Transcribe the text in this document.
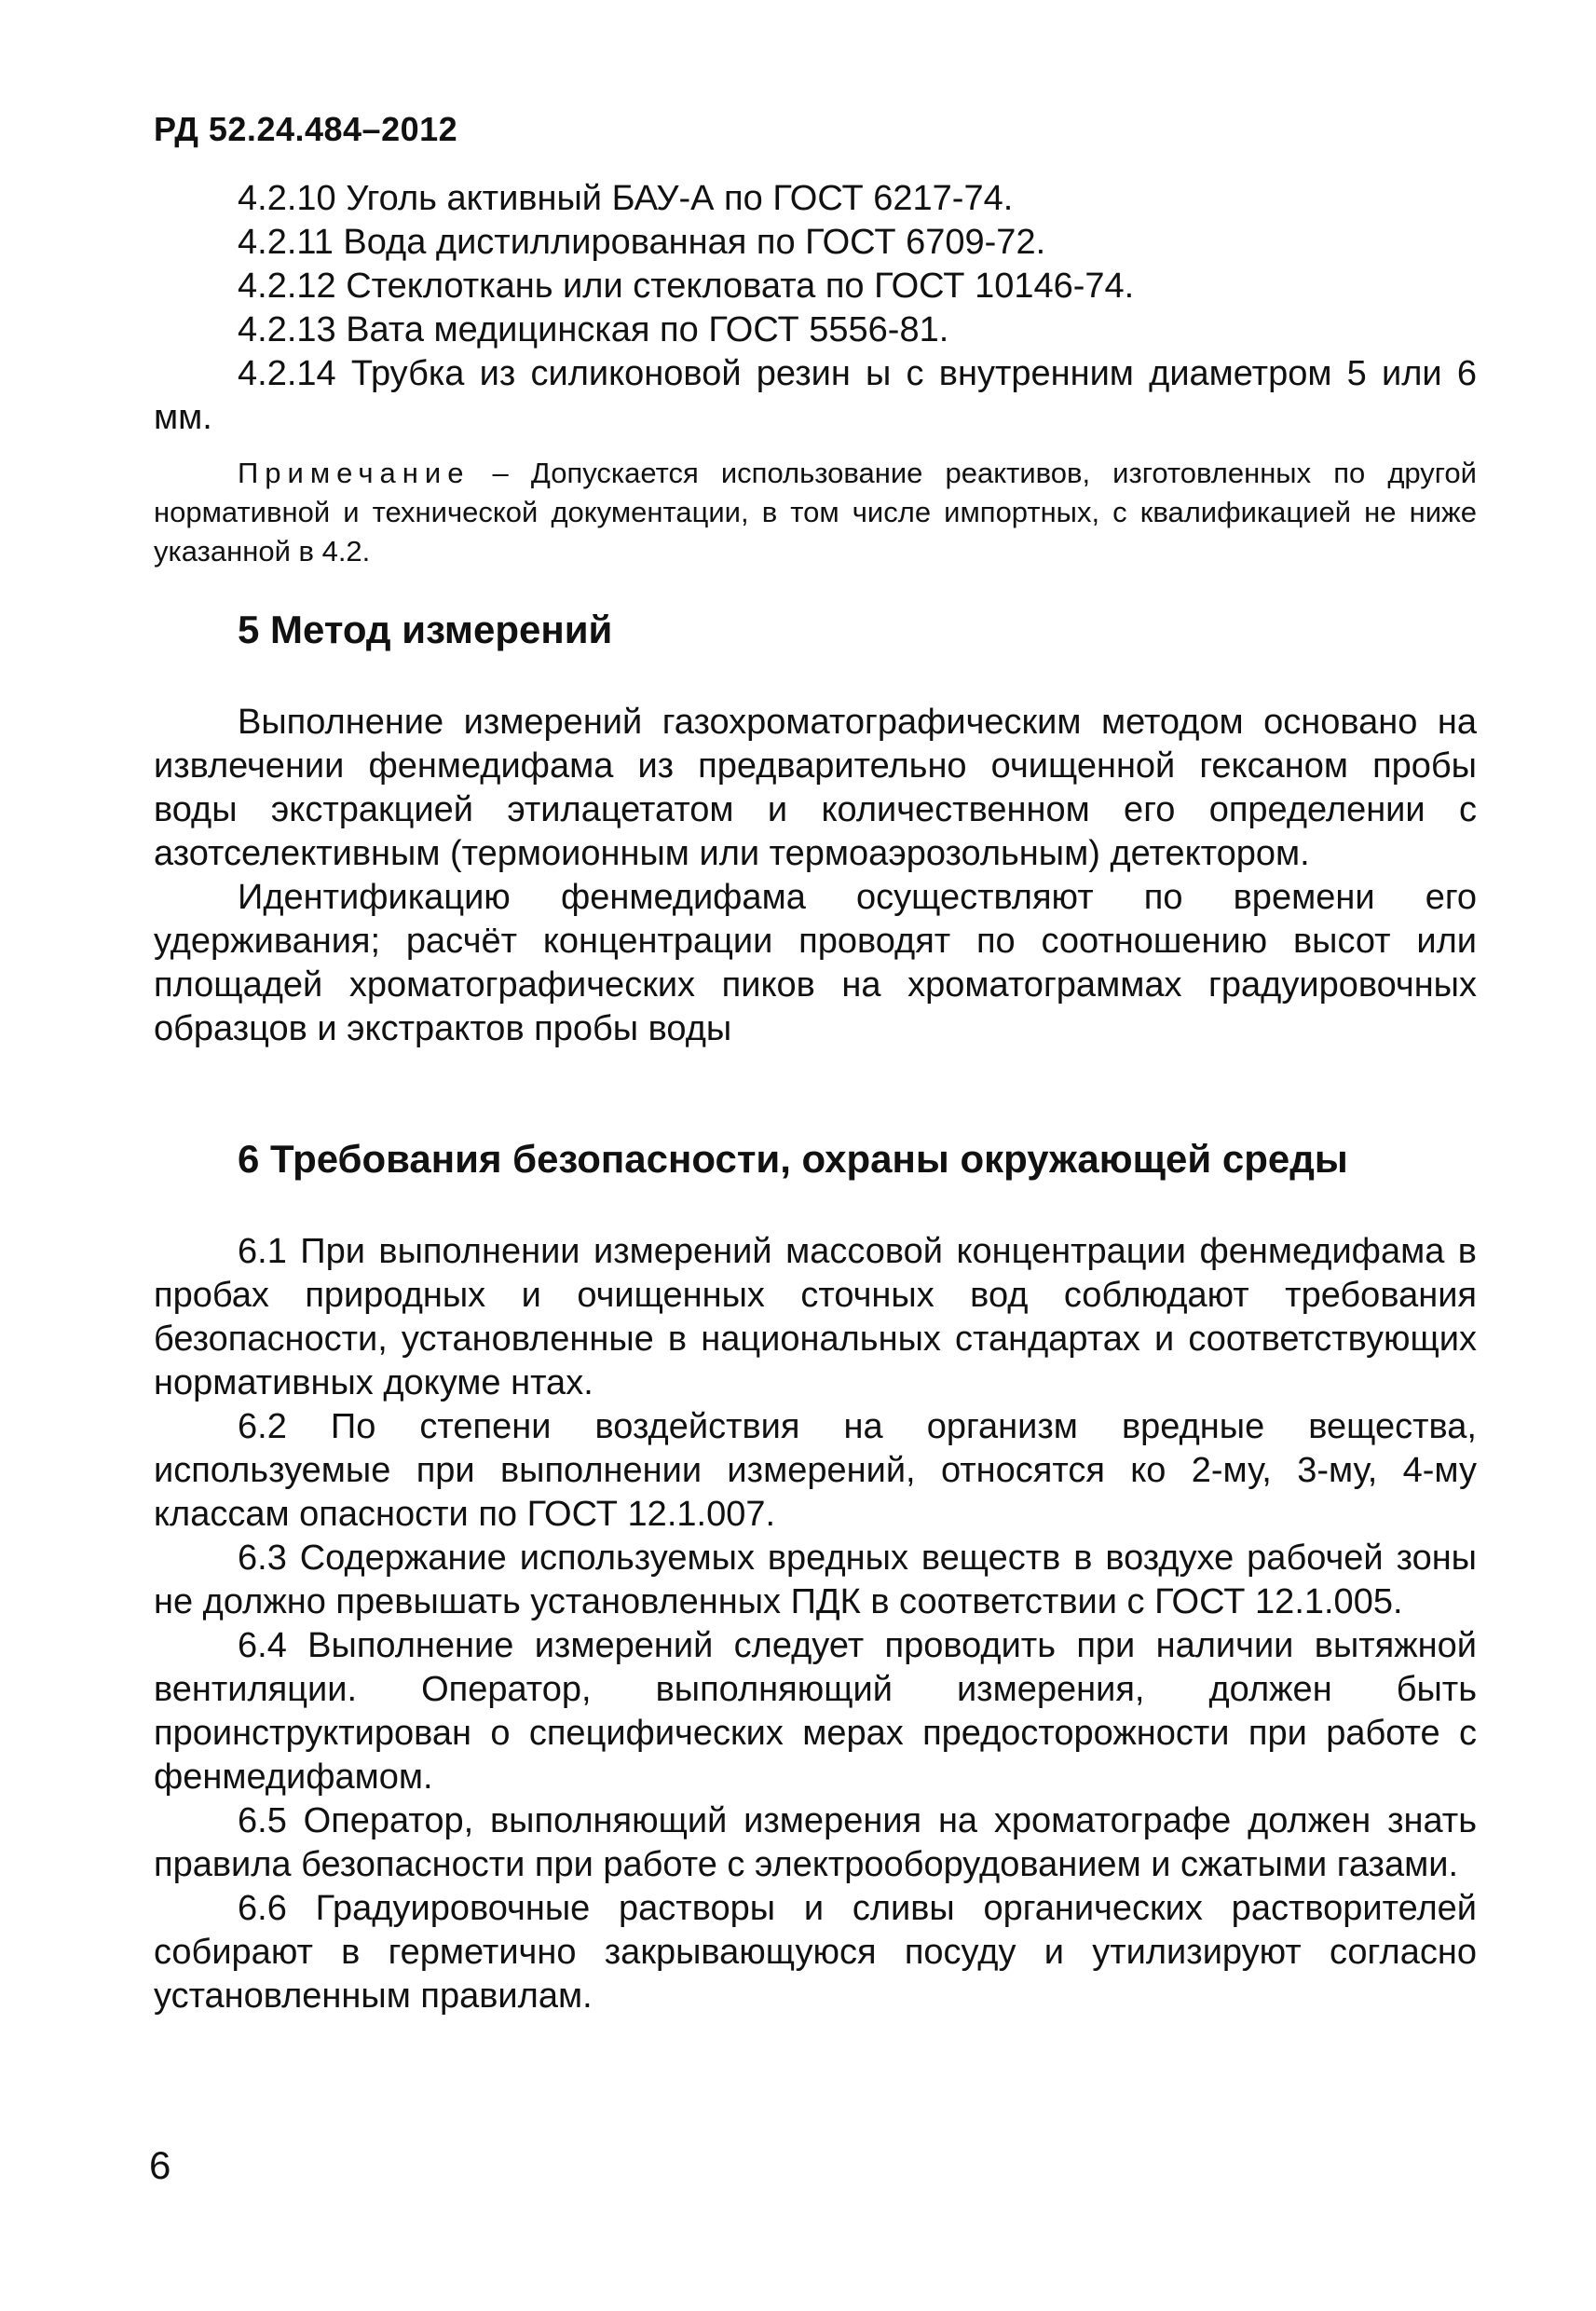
РД 52.24.484–2012

4.2.10 Уголь активный БАУ-А по ГОСТ 6217-74.

4.2.11 Вода дистиллированная по ГОСТ 6709-72.

4.2.12 Стеклоткань или стекловата по ГОСТ 10146-74.

4.2.13 Вата медицинская по ГОСТ 5556-81.

4.2.14 Трубка из силиконовой резин ы с внутренним диаметром 5 или 6 мм.

Примечание – Допускается использование реактивов, изготовленных по другой нормативной и технической документации, в том числе импортных, с квалификацией не ниже указанной в 4.2.

5 Метод измерений

Выполнение измерений газохроматографическим методом основано на извлечении фенмедифама из предварительно очищенной гексаном пробы воды экстракцией этилацетатом и количественном его определении с азотселективным (термоионным или термоаэрозольным) детектором.

Идентификацию фенмедифама осуществляют по времени его удерживания; расчёт концентрации проводят по соотношению высот или площадей хроматографических пиков на хроматограммах градуировочных образцов и экстрактов пробы воды

6 Требования безопасности, охраны окружающей среды

6.1 При выполнении измерений массовой концентрации фенмедифама в пробах природных и очищенных сточных вод соблюдают требования безопасности, установленные в национальных стандартах и соответствующих нормативных докуме нтах.

6.2 По степени воздействия на организм вредные вещества, используемые при выполнении измерений, относятся ко 2-му, 3-му, 4-му классам опасности по ГОСТ 12.1.007.

6.3 Содержание используемых вредных веществ в воздухе рабочей зоны не должно превышать установленных ПДК в соответствии с ГОСТ 12.1.005.

6.4 Выполнение измерений следует проводить при наличии вытяжной вентиляции. Оператор, выполняющий измерения, должен быть проинструктирован о специфических мерах предосторожности при работе с фенмедифамом.

6.5 Оператор, выполняющий измерения на хроматографе должен знать правила безопасности при работе с электрооборудованием и сжатыми газами.

6.6 Градуировочные растворы и сливы органических растворителей собирают в герметично закрывающуюся посуду и утилизируют согласно установленным правилам.

6
